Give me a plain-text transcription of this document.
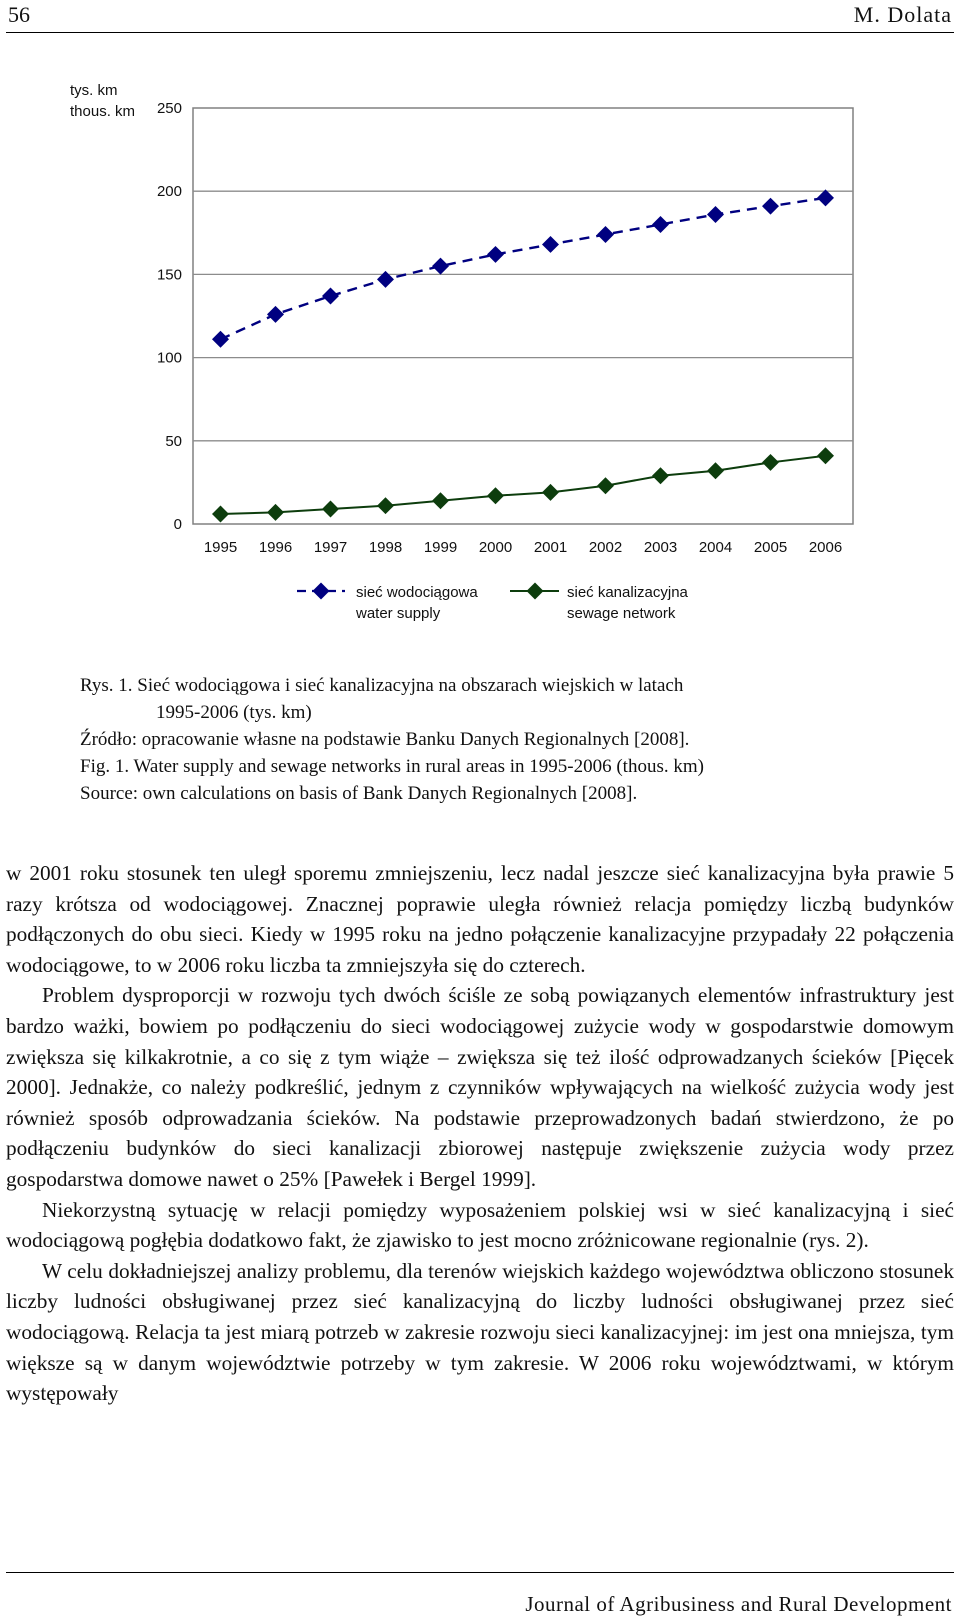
56	M. Dolata
0
50
100
150
200
250
1995 1996 1997 1998 1999 2000 2001 2002 2003 2004 2005 2006
tys. km
thous. km
sieć wodociągowa
water supply
sieć kanalizacyjna
sewage network

Rys. 1. Sieć wodociągowa i sieć kanalizacyjna na obszarach wiejskich w latach

1995-2006 (tys. km)

Źródło: opracowanie własne na podstawie Banku Danych Regionalnych [2008].

Fig. 1. Water supply and sewage networks in rural areas in 1995-2006 (thous. km)

Source: own calculations on basis of Bank Danych Regionalnych [2008].

w 2001 roku stosunek ten uległ sporemu zmniejszeniu, lecz nadal jeszcze sieć kanalizacyjna była prawie 5 razy krótsza od wodociągowej. Znacznej poprawie uległa również relacja pomiędzy liczbą budynków podłączonych do obu sieci. Kiedy w 1995 roku na jedno połączenie kanalizacyjne przypadały 22 połączenia wodociągowe, to w 2006 roku liczba ta zmniejszyła się do czterech.

Problem dysproporcji w rozwoju tych dwóch ściśle ze sobą powiązanych elementów infrastruktury jest bardzo ważki, bowiem po podłączeniu do sieci wodociągowej zużycie wody w gospodarstwie domowym zwiększa się kilkakrotnie, a co się z tym wiąże – zwiększa się też ilość odprowadzanych ścieków [Pięcek 2000]. Jednakże, co należy podkreślić, jednym z czynników wpływających na wielkość zużycia wody jest również sposób odprowadzania ścieków. Na podstawie przeprowadzonych badań stwierdzono, że po podłączeniu budynków do sieci kanalizacji zbiorowej następuje zwiększenie zużycia wody przez gospodarstwa domowe nawet o 25% [Pawełek i Bergel 1999].

Niekorzystną sytuację w relacji pomiędzy wyposażeniem polskiej wsi w sieć kanalizacyjną i sieć wodociągową pogłębia dodatkowo fakt, że zjawisko to jest mocno zróżnicowane regionalnie (rys. 2).

W celu dokładniejszej analizy problemu, dla terenów wiejskich każdego województwa obliczono stosunek liczby ludności obsługiwanej przez sieć kanalizacyjną do liczby ludności obsługiwanej przez sieć wodociągową. Relacja ta jest miarą potrzeb w zakresie rozwoju sieci kanalizacyjnej: im jest ona mniejsza, tym większe są w danym województwie potrzeby w tym zakresie. W 2006 roku województwami, w którym występowały

Journal of Agribusiness and Rural Development
